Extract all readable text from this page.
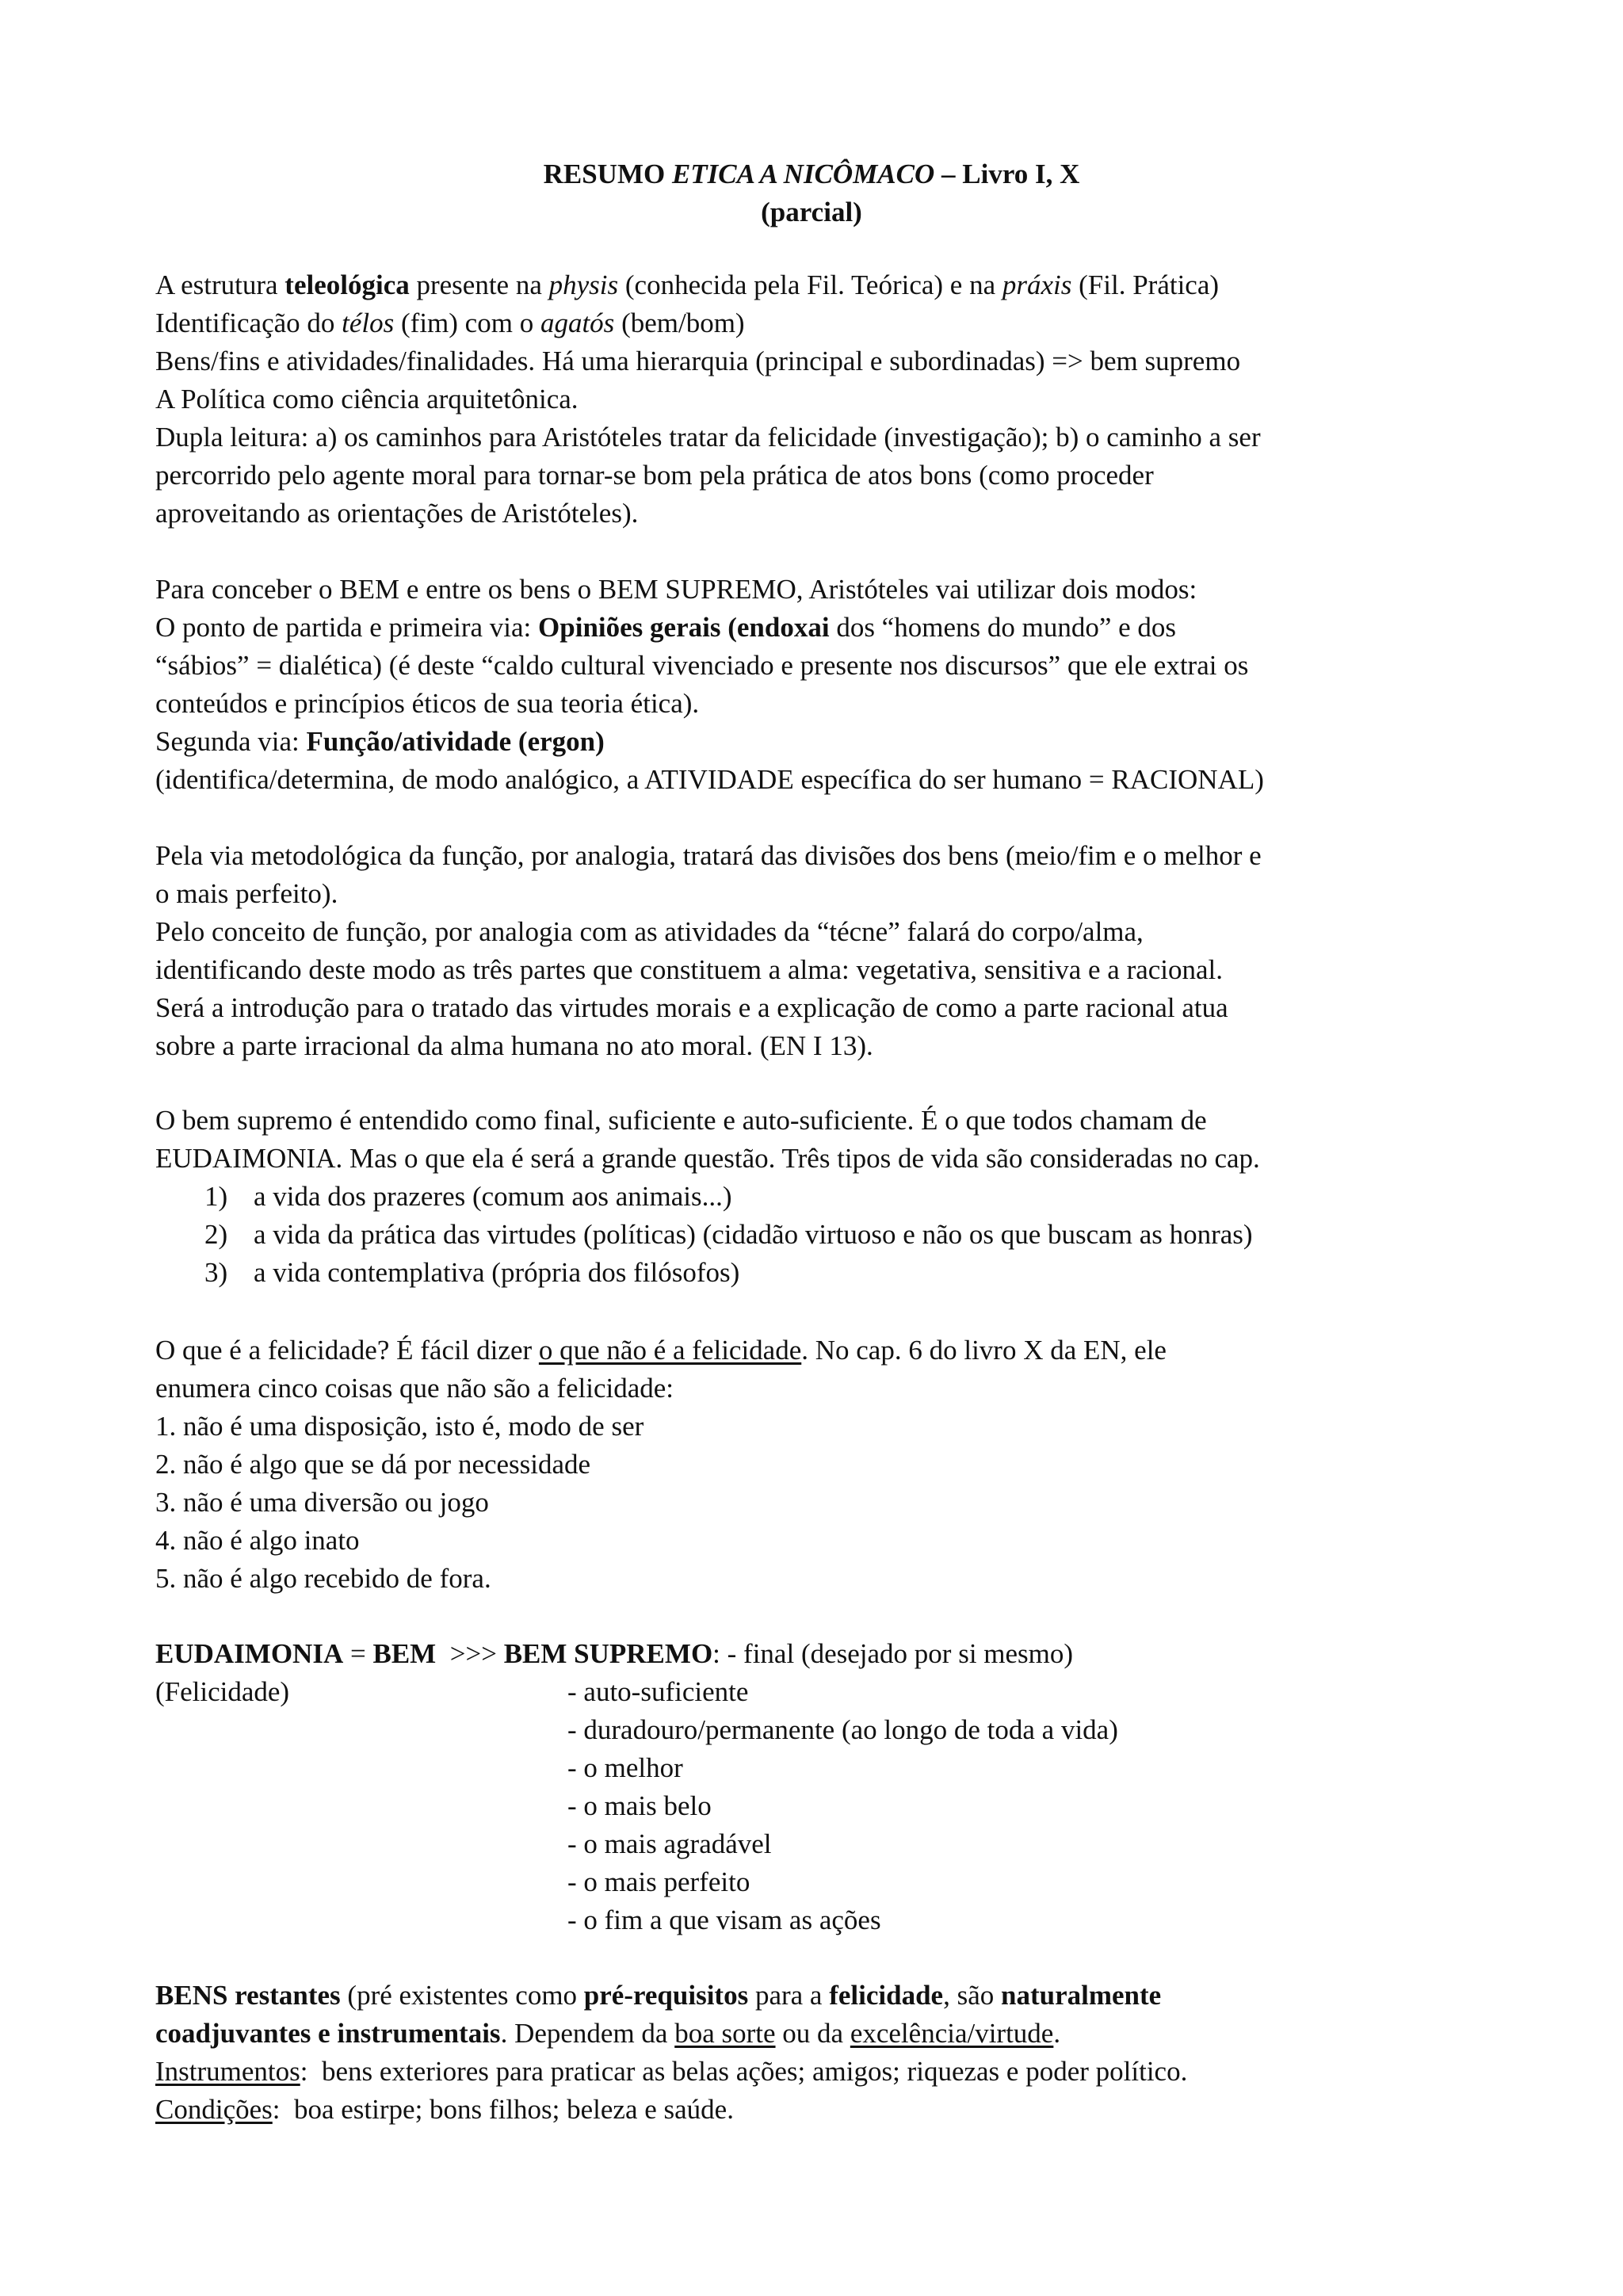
RESUMO ETICA A NICÔMACO – Livro I, X
(parcial)

A estrutura teleológica presente na physis (conhecida pela Fil. Teórica) e na práxis (Fil. Prática)

Identificação do télos (fim) com o agatós (bem/bom)

Bens/fins e atividades/finalidades. Há uma hierarquia (principal e subordinadas) => bem supremo

A Política como ciência arquitetônica.

Dupla leitura: a) os caminhos para Aristóteles tratar da felicidade (investigação); b) o caminho a ser

percorrido pelo agente moral para tornar-se bom pela prática de atos bons (como proceder

aproveitando as orientações de Aristóteles).

Para conceber o BEM e entre os bens o BEM SUPREMO, Aristóteles vai utilizar dois modos:

O ponto de partida e primeira via: Opiniões gerais (endoxai dos “homens do mundo” e dos

“sábios” = dialética) (é deste “caldo cultural vivenciado e presente nos discursos” que ele extrai os

conteúdos e princípios éticos de sua teoria ética).

Segunda via: Função/atividade (ergon)

(identifica/determina, de modo analógico, a ATIVIDADE específica do ser humano = RACIONAL)

Pela via metodológica da função, por analogia, tratará das divisões dos bens (meio/fim e o melhor e

o mais perfeito).

Pelo conceito de função, por analogia com as atividades da “técne” falará do corpo/alma,

identificando deste modo as três partes que constituem a alma: vegetativa, sensitiva e a racional.

Será a introdução para o tratado das virtudes morais e a explicação de como a parte racional atua

sobre a parte irracional da alma humana no ato moral. (EN I 13).

O bem supremo é entendido como final, suficiente e auto-suficiente. É o que todos chamam de

EUDAIMONIA. Mas o que ela é será a grande questão. Três tipos de vida são consideradas no cap.

1) a vida dos prazeres (comum aos animais...)
2) a vida da prática das virtudes (políticas) (cidadão virtuoso e não os que buscam as honras)
3) a vida contemplativa (própria dos filósofos)

O que é a felicidade? É fácil dizer o que não é a felicidade. No cap. 6 do livro X da EN, ele

enumera cinco coisas que não são a felicidade:

1. não é uma disposição, isto é, modo de ser

2. não é algo que se dá por necessidade

3. não é uma diversão ou jogo

4. não é algo inato

5. não é algo recebido de fora.

EUDAIMONIA = BEM  >>> BEM SUPREMO: - final (desejado por si mesmo)
(Felicidade)	- auto-suficiente
- duradouro/permanente (ao longo de toda a vida)
- o melhor
- o mais belo
- o mais agradável
- o mais perfeito
- o fim a que visam as ações

BENS restantes (pré existentes como pré-requisitos para a felicidade, são naturalmente

coadjuvantes e instrumentais. Dependem da boa sorte ou da excelência/virtude.

Instrumentos:  bens exteriores para praticar as belas ações; amigos; riquezas e poder político.

Condições:  boa estirpe; bons filhos; beleza e saúde.
